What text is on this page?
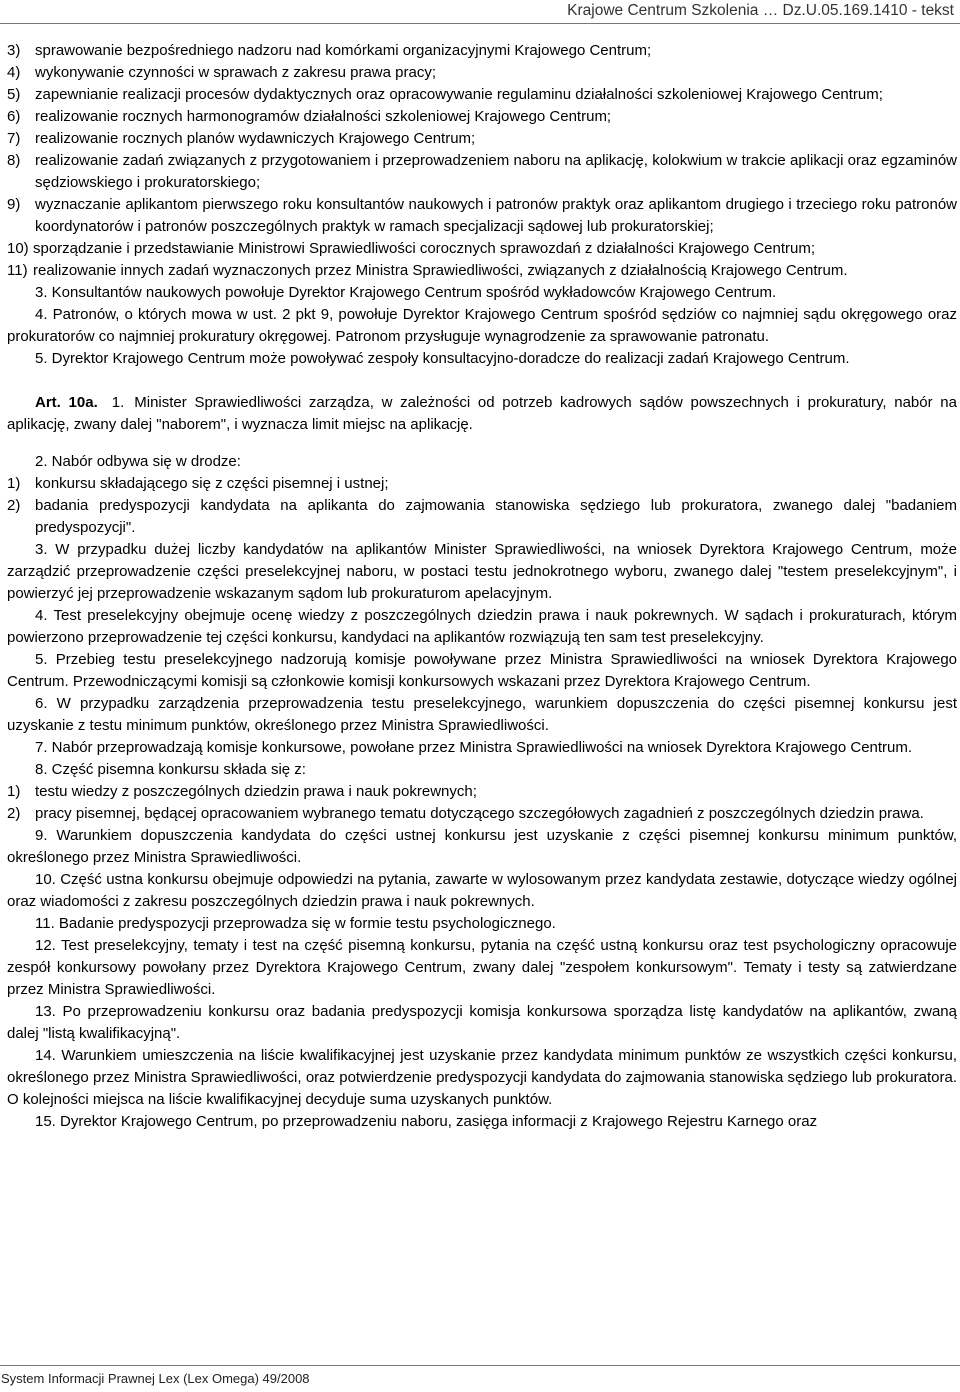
Krajowe Centrum Szkolenia … Dz.U.05.169.1410 - tekst
3) sprawowanie bezpośredniego nadzoru nad komórkami organizacyjnymi Krajowego Centrum;
4) wykonywanie czynności w sprawach z zakresu prawa pracy;
5) zapewnianie realizacji procesów dydaktycznych oraz opracowywanie regulaminu działalności szkoleniowej Krajowego Centrum;
6) realizowanie rocznych harmonogramów działalności szkoleniowej Krajowego Centrum;
7) realizowanie rocznych planów wydawniczych Krajowego Centrum;
8) realizowanie zadań związanych z przygotowaniem i przeprowadzeniem naboru na aplikację, kolokwium w trakcie aplikacji oraz egzaminów sędziowskiego i prokuratorskiego;
9) wyznaczanie aplikantom pierwszego roku konsultantów naukowych i patronów praktyk oraz aplikantom drugiego i trzeciego roku patronów koordynatorów i patronów poszczególnych praktyk w ramach specjalizacji sądowej lub prokuratorskiej;
10) sporządzanie i przedstawianie Ministrowi Sprawiedliwości corocznych sprawozdań z działalności Krajowego Centrum;
11) realizowanie innych zadań wyznaczonych przez Ministra Sprawiedliwości, związanych z działalnością Krajowego Centrum.

3. Konsultantów naukowych powołuje Dyrektor Krajowego Centrum spośród wykładowców Krajowego Centrum.

4. Patronów, o których mowa w ust. 2 pkt 9, powołuje Dyrektor Krajowego Centrum spośród sędziów co najmniej sądu okręgowego oraz prokuratorów co najmniej prokuratury okręgowej. Patronom przysługuje wynagrodzenie za sprawowanie patronatu.

5. Dyrektor Krajowego Centrum może powoływać zespoły konsultacyjno-doradcze do realizacji zadań Krajowego Centrum.

Art. 10a. 1. Minister Sprawiedliwości zarządza, w zależności od potrzeb kadrowych sądów powszechnych i prokuratury, nabór na aplikację, zwany dalej "naborem", i wyznacza limit miejsc na aplikację.

2. Nabór odbywa się w drodze:

1) konkursu składającego się z części pisemnej i ustnej;
2) badania predyspozycji kandydata na aplikanta do zajmowania stanowiska sędziego lub prokuratora, zwanego dalej "badaniem predyspozycji".

3. W przypadku dużej liczby kandydatów na aplikantów Minister Sprawiedliwości, na wniosek Dyrektora Krajowego Centrum, może zarządzić przeprowadzenie części preselekcyjnej naboru, w postaci testu jednokrotnego wyboru, zwanego dalej "testem preselekcyjnym", i powierzyć jej przeprowadzenie wskazanym sądom lub prokuraturom apelacyjnym.

4. Test preselekcyjny obejmuje ocenę wiedzy z poszczególnych dziedzin prawa i nauk pokrewnych. W sądach i prokuraturach, którym powierzono przeprowadzenie tej części konkursu, kandydaci na aplikantów rozwiązują ten sam test preselekcyjny.

5. Przebieg testu preselekcyjnego nadzorują komisje powoływane przez Ministra Sprawiedliwości na wniosek Dyrektora Krajowego Centrum. Przewodniczącymi komisji są członkowie komisji konkursowych wskazani przez Dyrektora Krajowego Centrum.

6. W przypadku zarządzenia przeprowadzenia testu preselekcyjnego, warunkiem dopuszczenia do części pisemnej konkursu jest uzyskanie z testu minimum punktów, określonego przez Ministra Sprawiedliwości.

7. Nabór przeprowadzają komisje konkursowe, powołane przez Ministra Sprawiedliwości na wniosek Dyrektora Krajowego Centrum.

8. Część pisemna konkursu składa się z:

1) testu wiedzy z poszczególnych dziedzin prawa i nauk pokrewnych;
2) pracy pisemnej, będącej opracowaniem wybranego tematu dotyczącego szczegółowych zagadnień z poszczególnych dziedzin prawa.

9. Warunkiem dopuszczenia kandydata do części ustnej konkursu jest uzyskanie z części pisemnej konkursu minimum punktów, określonego przez Ministra Sprawiedliwości.

10. Część ustna konkursu obejmuje odpowiedzi na pytania, zawarte w wylosowanym przez kandydata zestawie, dotyczące wiedzy ogólnej oraz wiadomości z zakresu poszczególnych dziedzin prawa i nauk pokrewnych.

11. Badanie predyspozycji przeprowadza się w formie testu psychologicznego.

12. Test preselekcyjny, tematy i test na część pisemną konkursu, pytania na część ustną konkursu oraz test psychologiczny opracowuje zespół konkursowy powołany przez Dyrektora Krajowego Centrum, zwany dalej "zespołem konkursowym". Tematy i testy są zatwierdzane przez Ministra Sprawiedliwości.

13. Po przeprowadzeniu konkursu oraz badania predyspozycji komisja konkursowa sporządza listę kandydatów na aplikantów, zwaną dalej "listą kwalifikacyjną".

14. Warunkiem umieszczenia na liście kwalifikacyjnej jest uzyskanie przez kandydata minimum punktów ze wszystkich części konkursu, określonego przez Ministra Sprawiedliwości, oraz potwierdzenie predyspozycji kandydata do zajmowania stanowiska sędziego lub prokuratora. O kolejności miejsca na liście kwalifikacyjnej decyduje suma uzyskanych punktów.

15. Dyrektor Krajowego Centrum, po przeprowadzeniu naboru, zasięga informacji z Krajowego Rejestru Karnego oraz

System Informacji Prawnej Lex (Lex Omega) 49/2008
